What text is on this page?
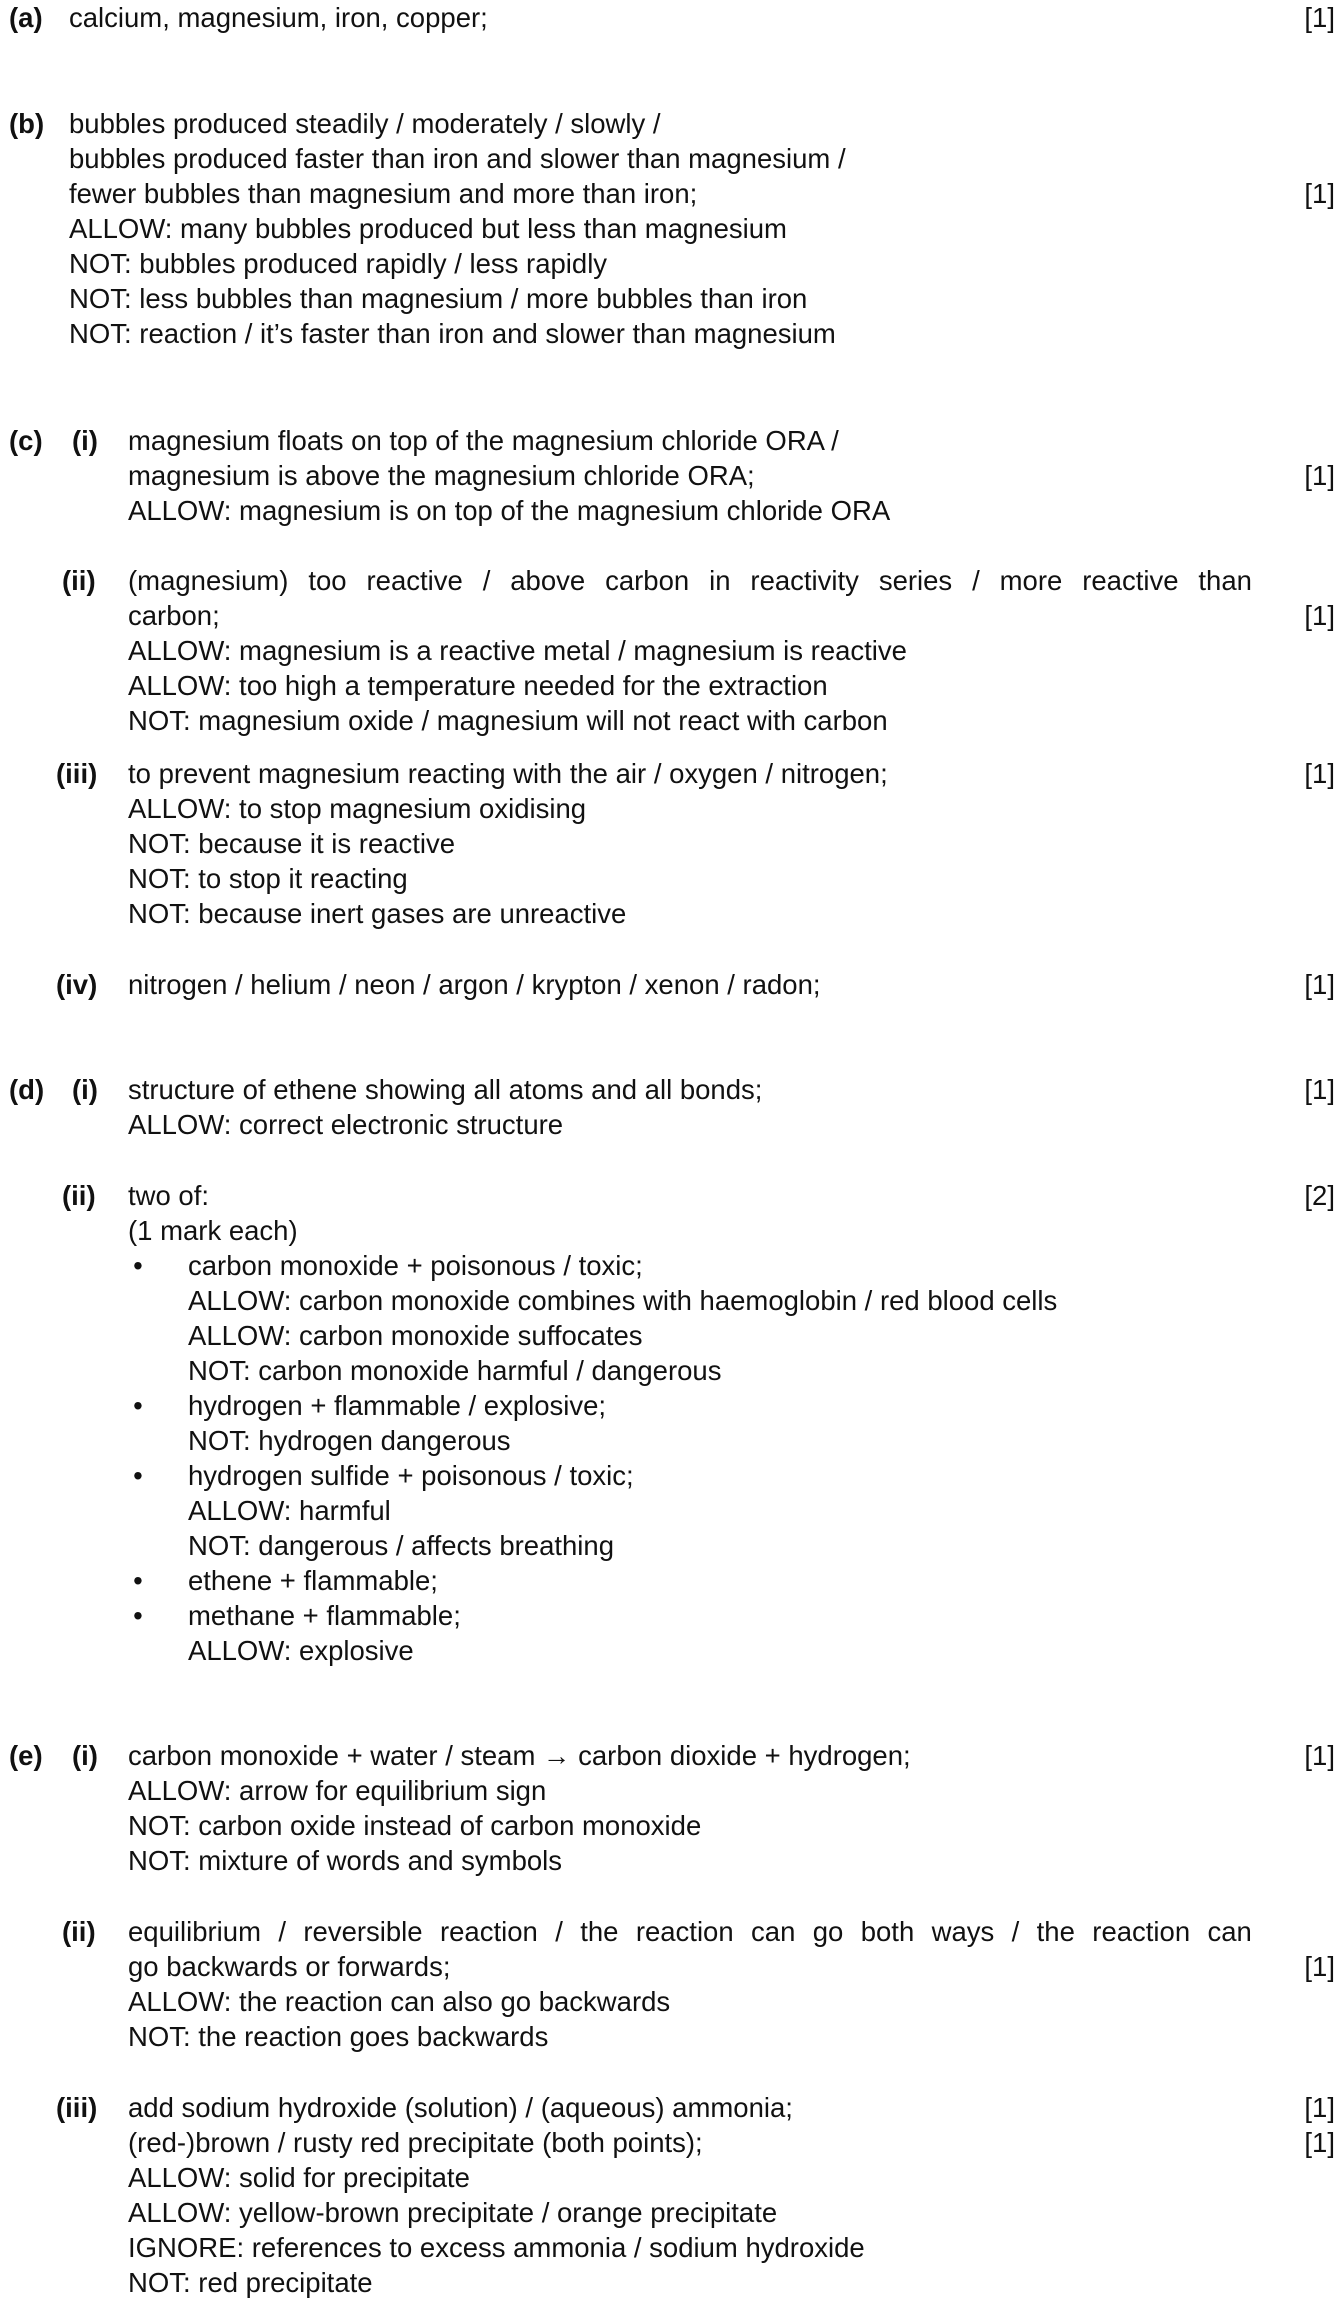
(a) calcium, magnesium, iron, copper;	[1]
(b) bubbles produced steadily / moderately / slowly /
bubbles produced faster than iron and slower than magnesium /
fewer bubbles than magnesium and more than iron;	[1]
ALLOW: many bubbles produced but less than magnesium
NOT: bubbles produced rapidly / less rapidly
NOT: less bubbles than magnesium / more bubbles than iron
NOT: reaction / it’s faster than iron and slower than magnesium
(c) (i) magnesium floats on top of the magnesium chloride ORA /
magnesium is above the magnesium chloride ORA;	[1]
ALLOW: magnesium is on top of the magnesium chloride ORA
(ii) (magnesium) too reactive / above carbon in reactivity series / more reactive than
carbon;	[1]
ALLOW: magnesium is a reactive metal / magnesium is reactive
ALLOW: too high a temperature needed for the extraction
NOT: magnesium oxide / magnesium will not react with carbon
(iii) to prevent magnesium reacting with the air / oxygen / nitrogen;	[1]
ALLOW: to stop magnesium oxidising
NOT: because it is reactive
NOT: to stop it reacting
NOT: because inert gases are unreactive
(iv) nitrogen / helium / neon / argon / krypton / xenon / radon;	[1]
(d) (i) structure of ethene showing all atoms and all bonds;	[1]
ALLOW: correct electronic structure
(ii) two of:	[2]
(1 mark each)
• carbon monoxide + poisonous / toxic;
ALLOW: carbon monoxide combines with haemoglobin / red blood cells
ALLOW: carbon monoxide suffocates
NOT: carbon monoxide harmful / dangerous
• hydrogen + flammable / explosive;
NOT: hydrogen dangerous
• hydrogen sulfide + poisonous / toxic;
ALLOW: harmful
NOT: dangerous / affects breathing
• ethene + flammable;
• methane + flammable;
ALLOW: explosive
(e) (i) carbon monoxide + water / steam → carbon dioxide + hydrogen;	[1]
ALLOW: arrow for equilibrium sign
NOT: carbon oxide instead of carbon monoxide
NOT: mixture of words and symbols
(ii) equilibrium / reversible reaction / the reaction can go both ways / the reaction can
go backwards or forwards;	[1]
ALLOW: the reaction can also go backwards
NOT: the reaction goes backwards
(iii) add sodium hydroxide (solution) / (aqueous) ammonia;	[1]
(red-)brown / rusty red precipitate (both points);	[1]
ALLOW: solid for precipitate
ALLOW: yellow-brown precipitate / orange precipitate
IGNORE: references to excess ammonia / sodium hydroxide
NOT: red precipitate
